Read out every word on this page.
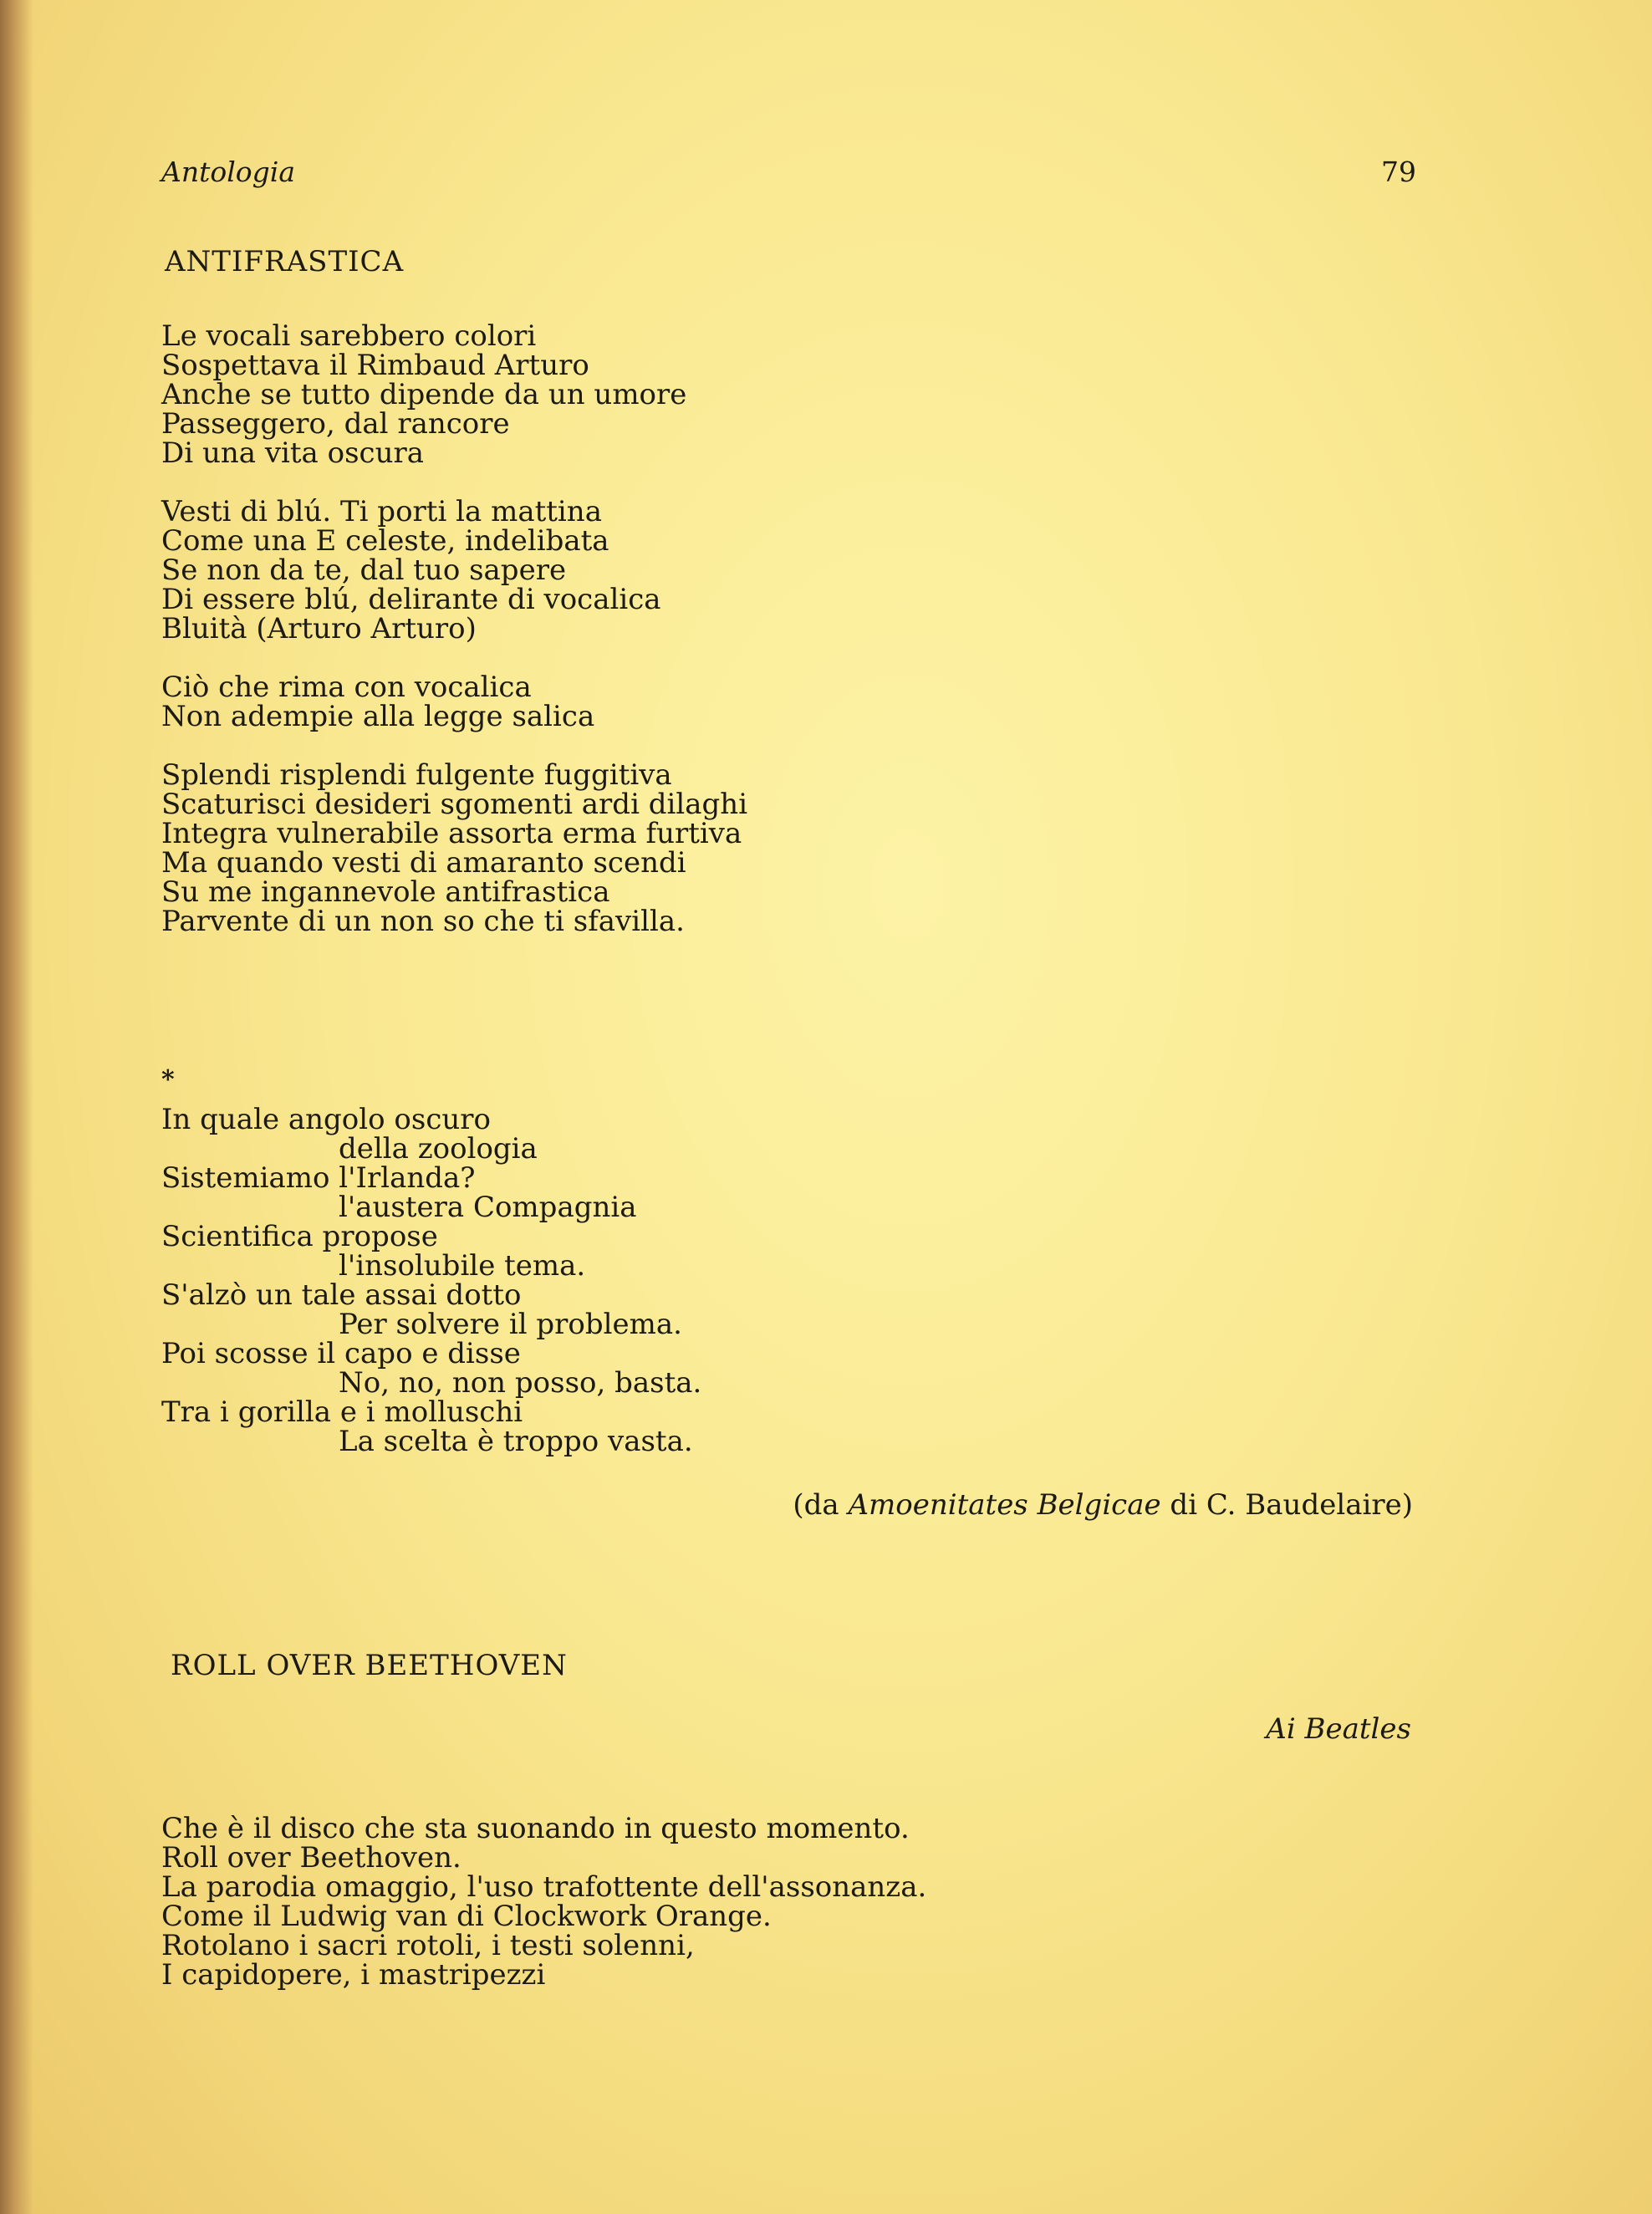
Antologia	79
ANTIFRASTICA
Le vocali sarebbero colori
Sospettava il Rimbaud Arturo
Anche se tutto dipende da un umore
Passeggero, dal rancore
Di una vita oscura
Vesti di blú. Ti porti la mattina
Come una E celeste, indelibata
Se non da te, dal tuo sapere
Di essere blú, delirante di vocalica
Bluità (Arturo Arturo)
Ciò che rima con vocalica
Non adempie alla legge salica
Splendi risplendi fulgente fuggitiva
Scaturisci desideri sgomenti ardi dilaghi
Integra vulnerabile assorta erma furtiva
Ma quando vesti di amaranto scendi
Su me ingannevole antifrastica
Parvente di un non so che ti sfavilla.
*
In quale angolo oscuro
della zoologia
Sistemiamo l'Irlanda?
l'austera Compagnia
Scientifica propose
l'insolubile tema.
S'alzò un tale assai dotto
Per solvere il problema.
Poi scosse il capo e disse
No, no, non posso, basta.
Tra i gorilla e i molluschi
La scelta è troppo vasta.
(da Amoenitates Belgicae di C. Baudelaire)
ROLL OVER BEETHOVEN
Ai Beatles
Che è il disco che sta suonando in questo momento.
Roll over Beethoven.
La parodia omaggio, l'uso trafottente dell'assonanza.
Come il Ludwig van di Clockwork Orange.
Rotolano i sacri rotoli, i testi solenni,
I capidopere, i mastripezzi
